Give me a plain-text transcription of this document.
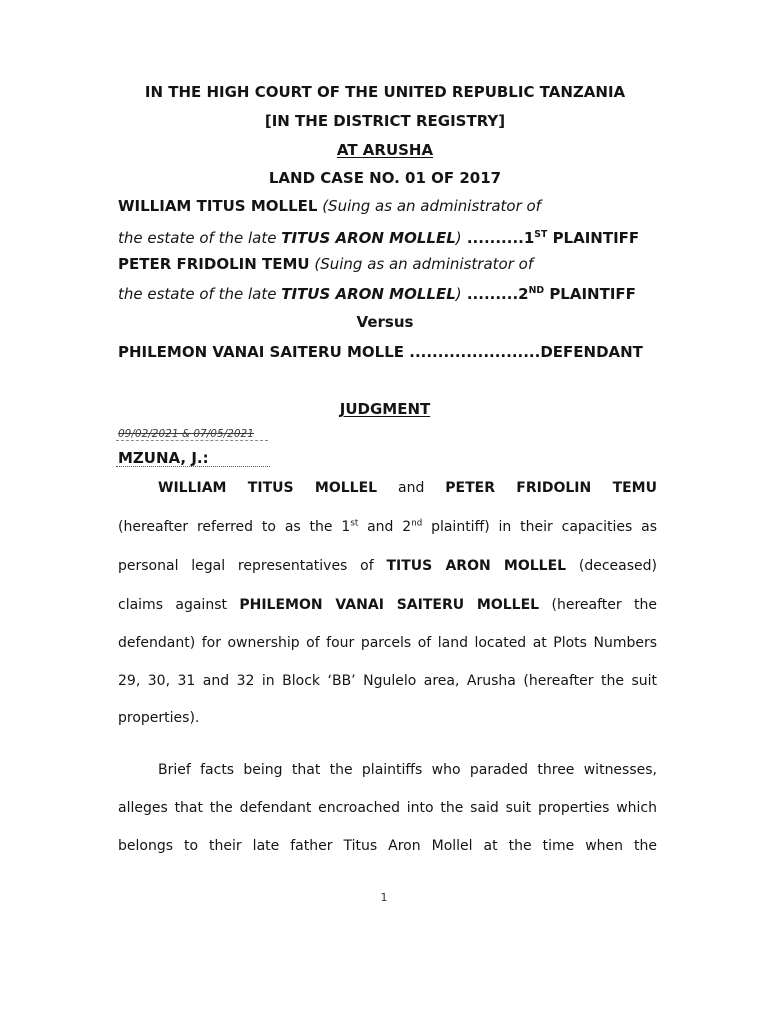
IN THE HIGH COURT OF THE UNITED REPUBLIC TANZANIA
[IN THE DISTRICT REGISTRY]
AT ARUSHA
LAND CASE NO. 01 OF 2017
WILLIAM TITUS MOLLEL (Suing as an administrator of
the estate of the late TITUS ARON MOLLEL) ..........1ST PLAINTIFF
PETER FRIDOLIN TEMU (Suing as an administrator of
the estate of the late TITUS ARON MOLLEL) .........2ND PLAINTIFF
Versus
PHILEMON VANAI SAITERU MOLLE .......................DEFENDANT
JUDGMENT
09/02/2021 & 07/05/2021
MZUNA, J.:
WILLIAM TITUS MOLLEL and PETER FRIDOLIN TEMU
(hereafter referred to as the 1st and 2nd plaintiff) in their capacities as
personal legal representatives of TITUS ARON MOLLEL (deceased)
claims against PHILEMON VANAI SAITERU MOLLEL (hereafter the
defendant) for ownership of four parcels of land located at Plots Numbers
29, 30, 31 and 32 in Block ‘BB’ Ngulelo area, Arusha (hereafter the suit
properties).
Brief facts being that the plaintiffs who paraded three witnesses,
alleges that the defendant encroached into the said suit properties which
belongs to their late father Titus Aron Mollel at the time when the
1
